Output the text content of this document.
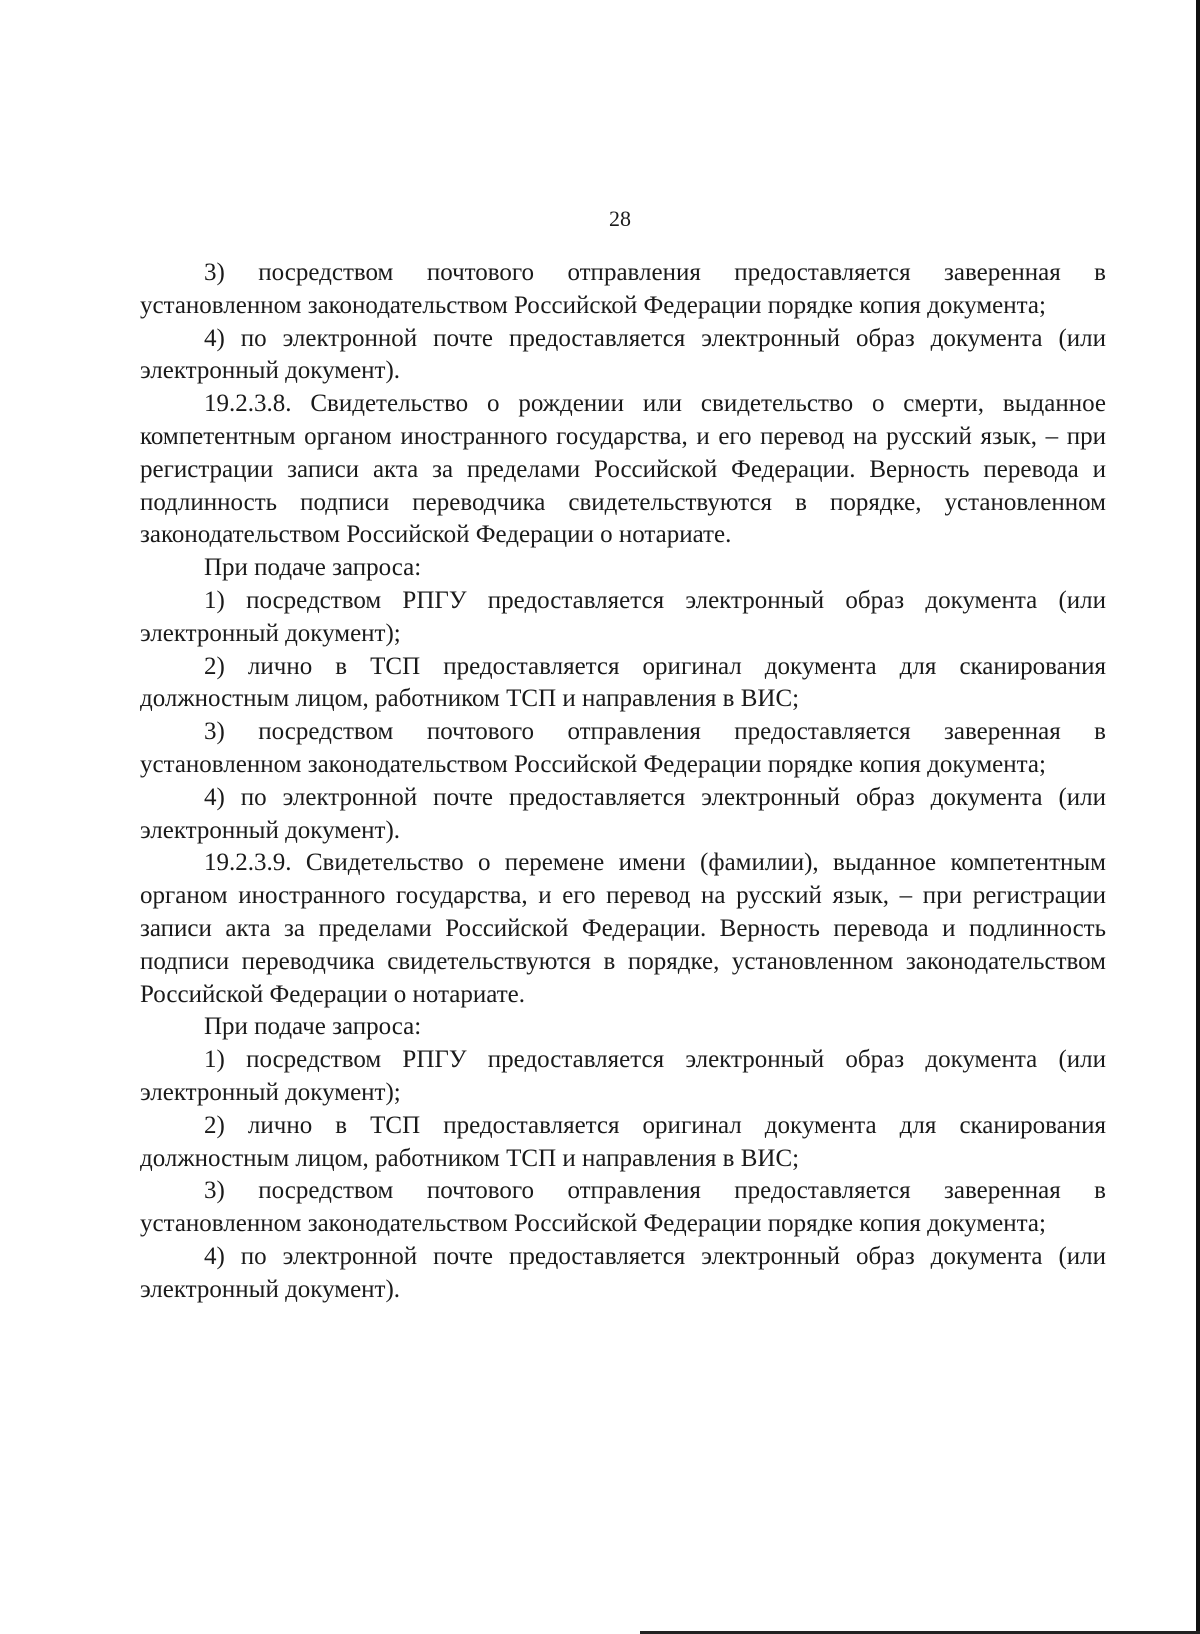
28

3) посредством почтового отправления предоставляется заверенная в установленном законодательством Российской Федерации порядке копия документа;

4) по электронной почте предоставляется электронный образ документа (или электронный документ).

19.2.3.8. Свидетельство о рождении или свидетельство о смерти, выданное компетентным органом иностранного государства, и его перевод на русский язык, – при регистрации записи акта за пределами Российской Федерации. Верность перевода и подлинность подписи переводчика свидетельствуются в порядке, установленном законодательством Российской Федерации о нотариате.

При подаче запроса:

1) посредством РПГУ предоставляется электронный образ документа (или электронный документ);

2) лично в ТСП предоставляется оригинал документа для сканирования должностным лицом, работником ТСП и направления в ВИС;

3) посредством почтового отправления предоставляется заверенная в установленном законодательством Российской Федерации порядке копия документа;

4) по электронной почте предоставляется электронный образ документа (или электронный документ).

19.2.3.9. Свидетельство о перемене имени (фамилии), выданное компетентным органом иностранного государства, и его перевод на русский язык, – при регистрации записи акта за пределами Российской Федерации. Верность перевода и подлинность подписи переводчика свидетельствуются в порядке, установленном законодательством Российской Федерации о нотариате.

При подаче запроса:

1) посредством РПГУ предоставляется электронный образ документа (или электронный документ);

2) лично в ТСП предоставляется оригинал документа для сканирования должностным лицом, работником ТСП и направления в ВИС;

3) посредством почтового отправления предоставляется заверенная в установленном законодательством Российской Федерации порядке копия документа;

4) по электронной почте предоставляется электронный образ документа (или электронный документ).
